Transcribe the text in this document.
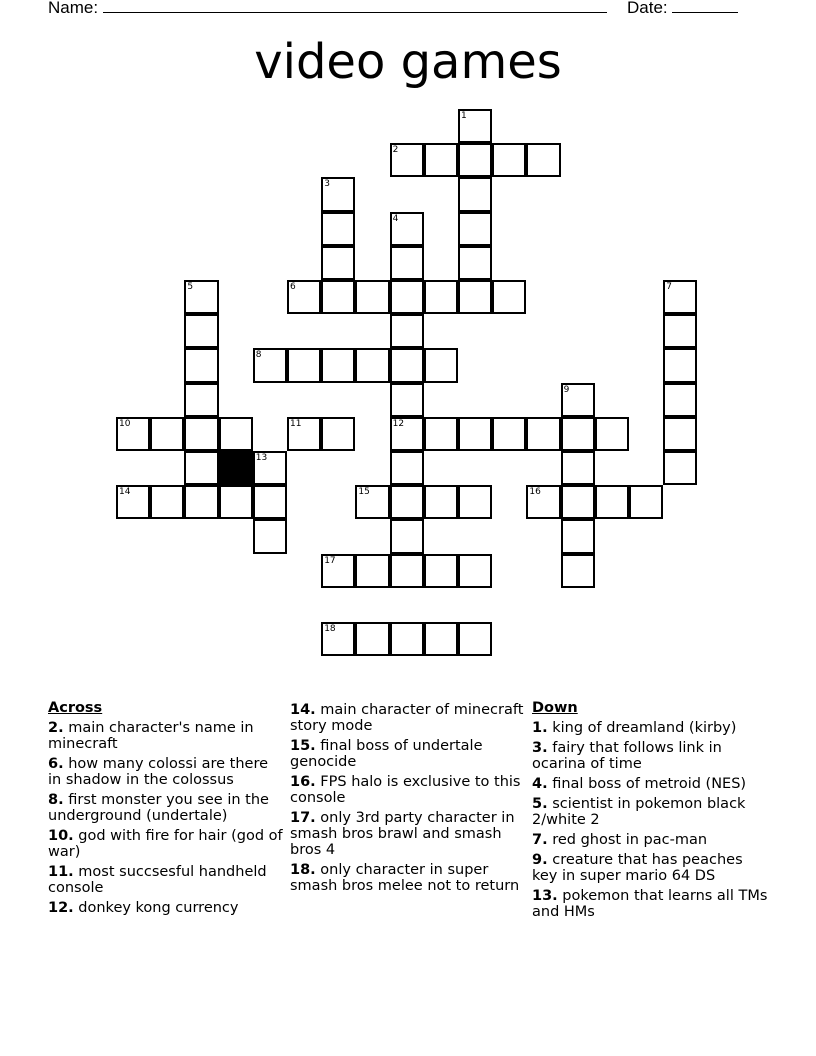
Name:	Date:
video games
1
2
3
4
12
5	6	7
8
9
10	11
13
14	15	16
17
18
Across
2. main character's name in minecraft
6. how many colossi are there in shadow in the colossus
8. first monster you see in the underground (undertale)
10. god with fire for hair (god of war)
11. most succsesful handheld console
12. donkey kong currency
14. main character of minecraft story mode
15. final boss of undertale genocide
16. FPS halo is exclusive to this console
17. only 3rd party character in smash bros brawl and smash bros 4
18. only character in super smash bros melee not to return
Down
1. king of dreamland (kirby)
3. fairy that follows link in ocarina of time
4. final boss of metroid (NES)
5. scientist in pokemon black 2/white 2
7. red ghost in pac-man
9. creature that has peaches key in super mario 64 DS
13. pokemon that learns all TMs and HMs
